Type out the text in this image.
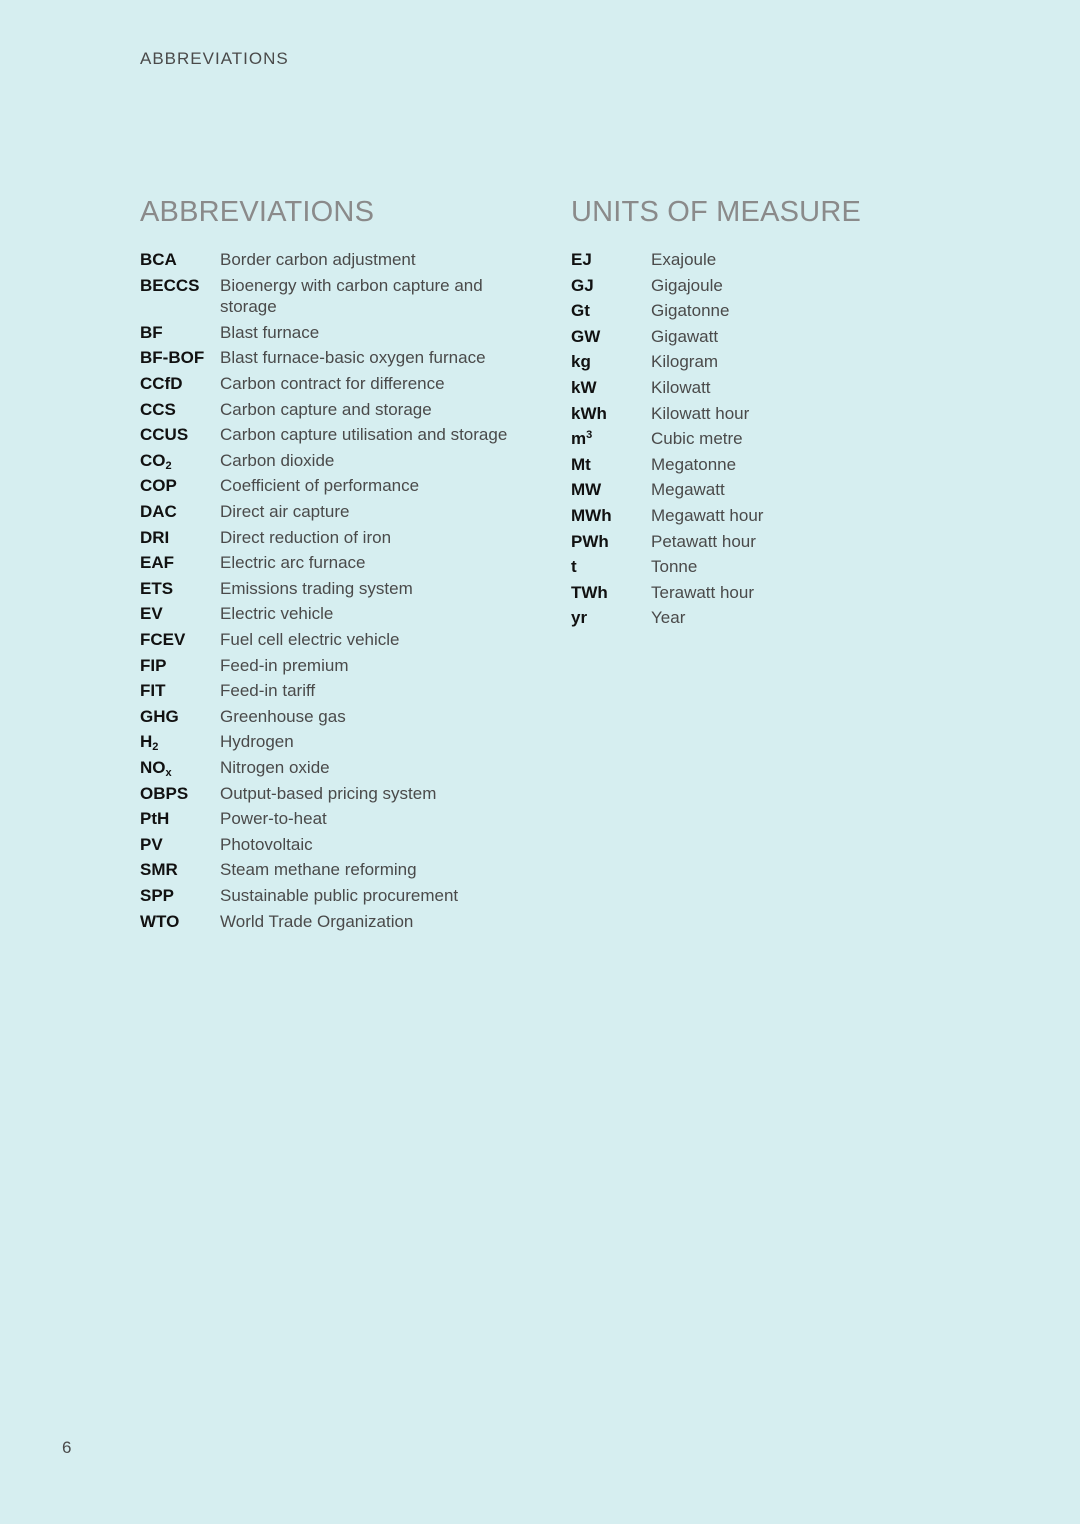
ABBREVIATIONS
ABBREVIATIONS
BCA	Border carbon adjustment
BECCS	Bioenergy with carbon capture and storage
BF	Blast furnace
BF-BOF Blast furnace-basic oxygen furnace
CCfD	Carbon contract for difference
CCS	Carbon capture and storage
CCUS	Carbon capture utilisation and storage
$CO_2$	Carbon dioxide
COP	Coefficient of performance
DAC	Direct air capture
DRI	Direct reduction of iron
EAF	Electric arc furnace
ETS	Emissions trading system
EV	Electric vehicle
FCEV	Fuel cell electric vehicle
FIP	Feed-in premium
FIT	Feed-in tariff
GHG	Greenhouse gas
$H_2$	Hydrogen
$NO_x$	Nitrogen oxide
OBPS	Output-based pricing system
PtH	Power-to-heat
PV	Photovoltaic
SMR	Steam methane reforming
SPP	Sustainable public procurement
WTO	World Trade Organization
UNITS OF MEASURE
EJ	Exajoule
GJ	Gigajoule
Gt	Gigatonne
GW	Gigawatt
kg	Kilogram
kW	Kilowatt
kWh	Kilowatt hour
$m^3$	Cubic metre
Mt	Megatonne
MW	Megawatt
MWh	Megawatt hour
PWh	Petawatt hour
t	Tonne
TWh	Terawatt hour
yr	Year
6
